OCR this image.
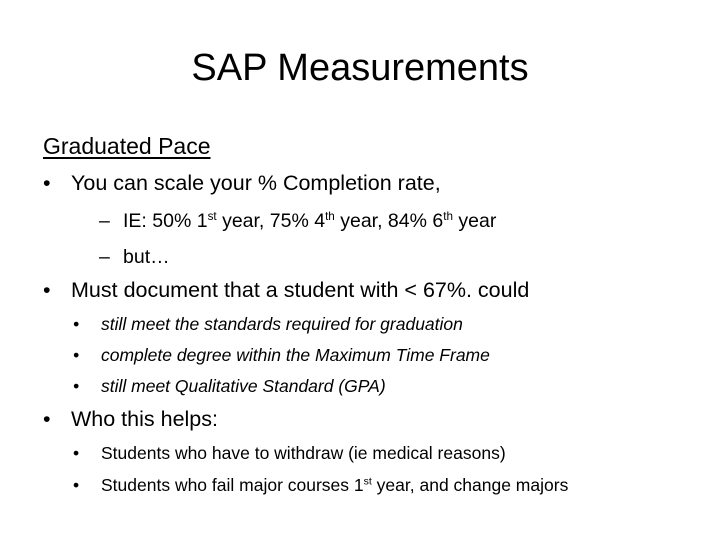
SAP Measurements
Graduated Pace
• You can scale your % Completion rate,
– IE: 50% 1st year, 75% 4th year, 84% 6th year
– but…
• Must document that a student with < 67%. could
• still meet the standards required for graduation
• complete degree within the Maximum Time Frame
• still meet Qualitative Standard (GPA)
• Who this helps:
• Students who have to withdraw (ie medical reasons)
• Students who fail major courses 1st year, and change majors
